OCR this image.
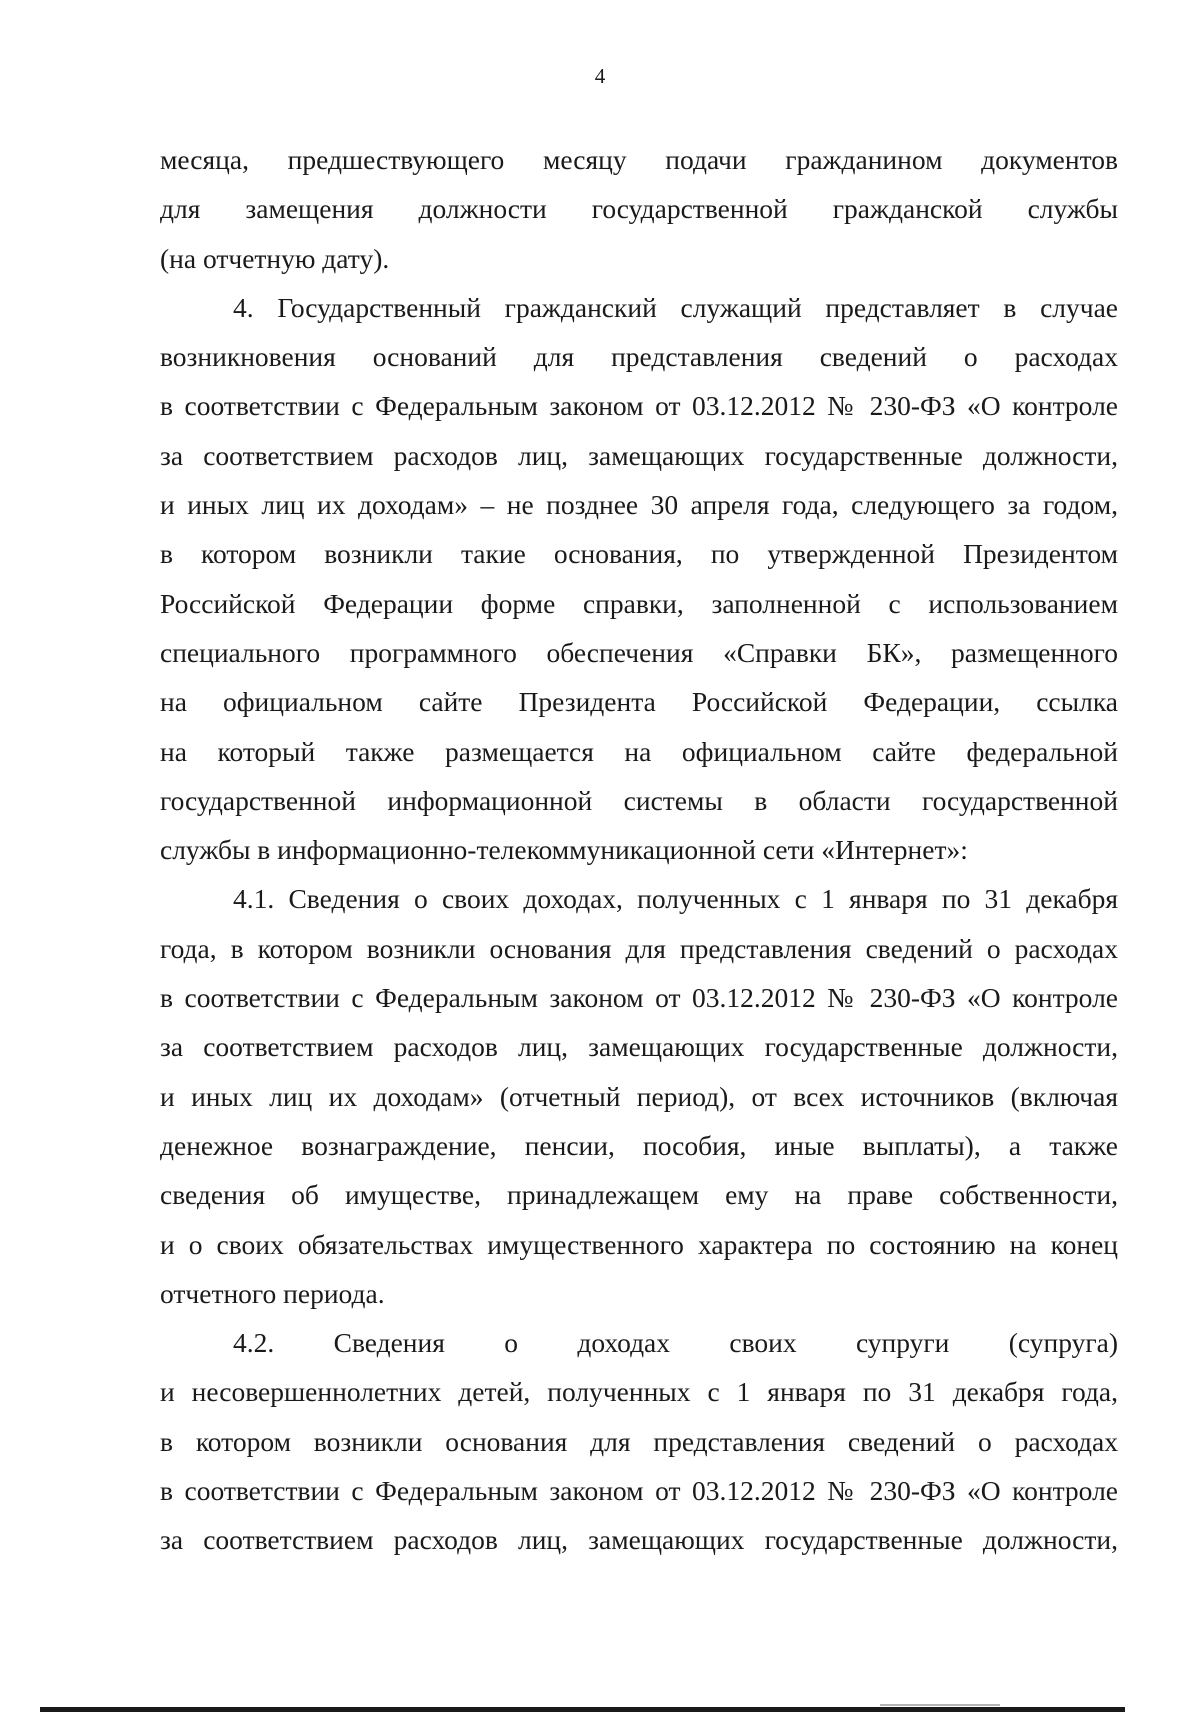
4
месяца, предшествующего месяцу подачи гражданином документов
для замещения должности государственной гражданской службы
(на отчетную дату).
4. Государственный гражданский служащий представляет в случае
возникновения оснований для представления сведений о расходах
в соответствии с Федеральным законом от 03.12.2012 № 230-ФЗ «О контроле
за соответствием расходов лиц, замещающих государственные должности,
и иных лиц их доходам» – не позднее 30 апреля года, следующего за годом,
в котором возникли такие основания, по утвержденной Президентом
Российской Федерации форме справки, заполненной с использованием
специального программного обеспечения «Справки БК», размещенного
на официальном сайте Президента Российской Федерации, ссылка
на который также размещается на официальном сайте федеральной
государственной информационной системы в области государственной
службы в информационно-телекоммуникационной сети «Интернет»:
4.1. Сведения о своих доходах, полученных с 1 января по 31 декабря
года, в котором возникли основания для представления сведений о расходах
в соответствии с Федеральным законом от 03.12.2012 № 230-ФЗ «О контроле
за соответствием расходов лиц, замещающих государственные должности,
и иных лиц их доходам» (отчетный период), от всех источников (включая
денежное вознаграждение, пенсии, пособия, иные выплаты), а также
сведения об имуществе, принадлежащем ему на праве собственности,
и о своих обязательствах имущественного характера по состоянию на конец
отчетного периода.
4.2. Сведения о доходах своих супруги (супруга)
и несовершеннолетних детей, полученных с 1 января по 31 декабря года,
в котором возникли основания для представления сведений о расходах
в соответствии с Федеральным законом от 03.12.2012 № 230-ФЗ «О контроле
за соответствием расходов лиц, замещающих государственные должности,
